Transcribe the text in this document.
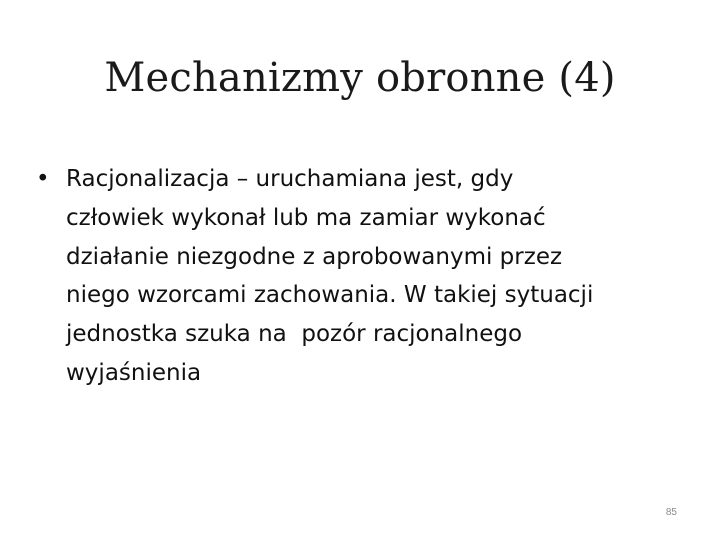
Mechanizmy obronne (4)
• Racjonalizacja – uruchamiana jest, gdy
człowiek wykonał lub ma zamiar wykonać
działanie niezgodne z aprobowanymi przez
niego wzorcami zachowania. W takiej sytuacji
jednostka szuka na  pozór racjonalnego
wyjaśnienia
85
